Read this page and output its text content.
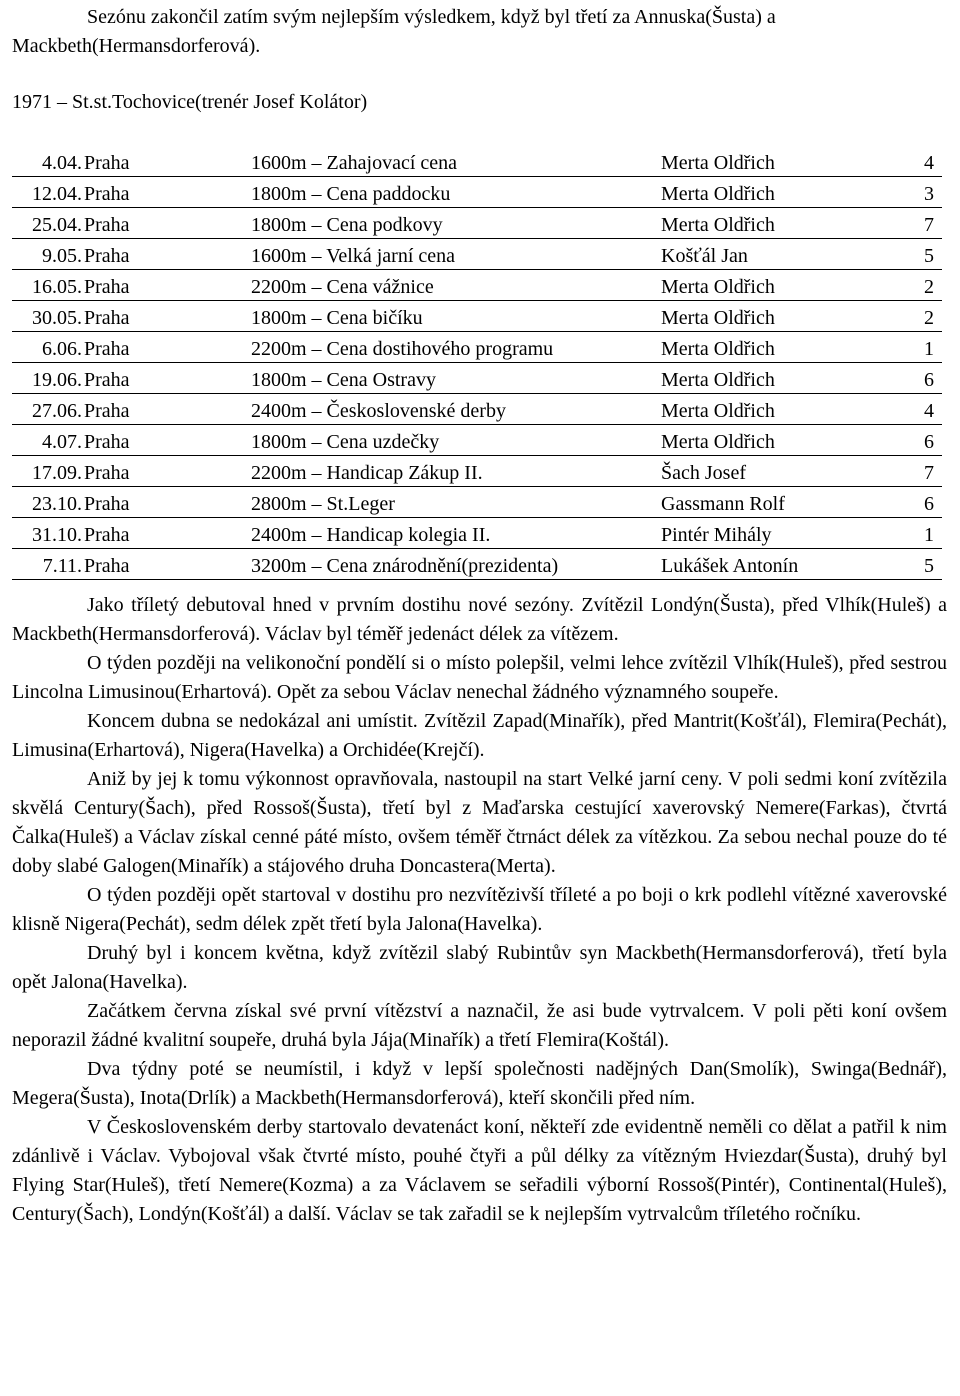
Sezónu zakončil zatím svým nejlepším výsledkem, když byl třetí za Annuska(Šusta) a
Mackbeth(Hermansdorferová).
1971 – St.st.Tochovice(trenér Josef Kolátor)
4.04.	Praha	1600m – Zahajovací cena	Merta Oldřich	4
12.04.	Praha	1800m – Cena paddocku	Merta Oldřich	3
25.04.	Praha	1800m – Cena podkovy	Merta Oldřich	7
9.05.	Praha	1600m – Velká jarní cena	Košťál Jan	5
16.05.	Praha	2200m – Cena vážnice	Merta Oldřich	2
30.05.	Praha	1800m – Cena bičíku	Merta Oldřich	2
6.06.	Praha	2200m – Cena dostihového programu	Merta Oldřich	1
19.06.	Praha	1800m – Cena Ostravy	Merta Oldřich	6
27.06.	Praha	2400m – Československé derby	Merta Oldřich	4
4.07.	Praha	1800m – Cena uzdečky	Merta Oldřich	6
17.09.	Praha	2200m – Handicap Zákup II.	Šach Josef	7
23.10.	Praha	2800m – St.Leger	Gassmann Rolf	6
31.10.	Praha	2400m – Handicap kolegia II.	Pintér Mihály	1
7.11.	Praha	3200m – Cena znárodnění(prezidenta)	Lukášek Antonín	5

Jako tříletý debutoval hned v prvním dostihu nové sezóny. Zvítězil Londýn(Šusta), před Vlhík(Huleš) a Mackbeth(Hermansdorferová). Václav byl téměř jedenáct délek za vítězem.

O týden později na velikonoční pondělí si o místo polepšil, velmi lehce zvítězil Vlhík(Huleš), před sestrou Lincolna Limusinou(Erhartová). Opět za sebou Václav nenechal žádného významného soupeře.

Koncem dubna se nedokázal ani umístit. Zvítězil Zapad(Minařík), před Mantrit(Košťál), Flemira(Pechát), Limusina(Erhartová), Nigera(Havelka) a Orchidée(Krejčí).

Aniž by jej k tomu výkonnost opravňovala, nastoupil na start Velké jarní ceny. V poli sedmi koní zvítězila skvělá Century(Šach), před Rossoš(Šusta), třetí byl z Maďarska cestující xaverovský Nemere(Farkas), čtvrtá Čalka(Huleš) a Václav získal cenné páté místo, ovšem téměř čtrnáct délek za vítězkou. Za sebou nechal pouze do té doby slabé Galogen(Minařík) a stájového druha Doncastera(Merta).

O týden později opět startoval v dostihu pro nezvítězivší tříleté a po boji o krk podlehl vítězné xaverovské klisně Nigera(Pechát), sedm délek zpět třetí byla Jalona(Havelka).

Druhý byl i koncem května, když zvítězil slabý Rubintův syn Mackbeth(Hermansdorferová), třetí byla opět Jalona(Havelka).

Začátkem června získal své první vítězství a naznačil, že asi bude vytrvalcem. V poli pěti koní ovšem neporazil žádné kvalitní soupeře, druhá byla Jája(Minařík) a třetí Flemira(Koštál).

Dva týdny poté se neumístil, i když v lepší společnosti nadějných Dan(Smolík), Swinga(Bednář), Megera(Šusta), Inota(Drlík) a Mackbeth(Hermansdorferová), kteří skončili před ním.

V Československém derby startovalo devatenáct koní, někteří zde evidentně neměli co dělat a patřil k nim zdánlivě i Václav. Vybojoval však čtvrté místo, pouhé čtyři a půl délky za vítězným Hviezdar(Šusta), druhý byl Flying Star(Huleš), třetí Nemere(Kozma) a za Václavem se seřadili výborní Rossoš(Pintér), Continental(Huleš), Century(Šach), Londýn(Košťál) a další. Václav se tak zařadil se k nejlepším vytrvalcům tříletého ročníku.
